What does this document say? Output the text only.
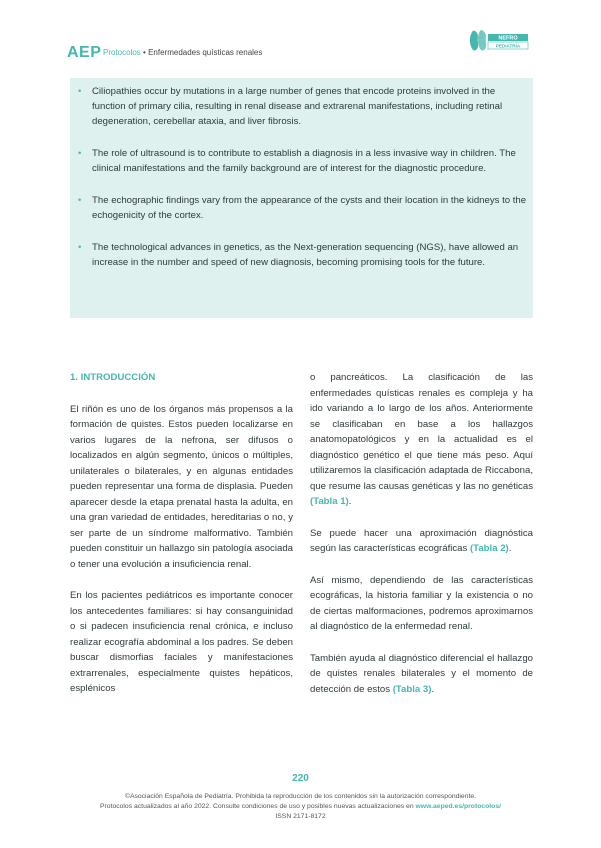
AEP Protocolos • Enfermedades quísticas renales
NEFRO
PEDIATRÍA
• Ciliopathies occur by mutations in a large number of genes that encode proteins involved in the function of primary cilia, resulting in renal disease and extrarenal manifestations, including retinal degeneration, cerebellar ataxia, and liver fibrosis.
• The role of ultrasound is to contribute to establish a diagnosis in a less invasive way in children. The clinical manifestations and the family background are of interest for the diagnostic procedure.
• The echographic findings vary from the appearance of the cysts and their location in the kidneys to the echogenicity of the cortex.
• The technological advances in genetics, as the Next-generation sequencing (NGS), have allowed an increase in the number and speed of new diagnosis, becoming promising tools for the future.

1. INTRODUCCIÓN

El riñón es uno de los órganos más propensos a la formación de quistes. Estos pueden localizarse en varios lugares de la nefrona, ser difusos o localizados en algún segmento, únicos o múltiples, unilaterales o bilaterales, y en algunas entidades pueden representar una forma de displasia. Pueden aparecer desde la etapa prenatal hasta la adulta, en una gran variedad de entidades, hereditarias o no, y ser parte de un síndrome malformativo. También pueden constituir un hallazgo sin patología asociada o tener una evolución a insuficiencia renal.

En los pacientes pediátricos es importante conocer los antecedentes familiares: si hay consanguinidad o si padecen insuficiencia renal crónica, e incluso realizar ecografía abdominal a los padres. Se deben buscar dismorfias faciales y manifestaciones extrarrenales, especialmente quistes hepáticos, esplénicos

o pancreáticos. La clasificación de las enfermedades quísticas renales es compleja y ha ido variando a lo largo de los años. Anteriormente se clasificaban en base a los hallazgos anatomopatológicos y en la actualidad es el diagnóstico genético el que tiene más peso. Aquí utilizaremos la clasificación adaptada de Riccabona, que resume las causas genéticas y las no genéticas (Tabla 1).

Se puede hacer una aproximación diagnóstica según las características ecográficas (Tabla 2).

Así mismo, dependiendo de las características ecográficas, la historia familiar y la existencia o no de ciertas malformaciones, podremos aproximarnos al diagnóstico de la enfermedad renal.

También ayuda al diagnóstico diferencial el hallazgo de quistes renales bilaterales y el momento de detección de estos (Tabla 3).

220
©Asociación Española de Pediatría. Prohibida la reproducción de los contenidos sin la autorización correspondiente.
Protocolos actualizados al año 2022. Consulte condiciones de uso y posibles nuevas actualizaciones en www.aeped.es/protocolos/
ISSN 2171-8172
